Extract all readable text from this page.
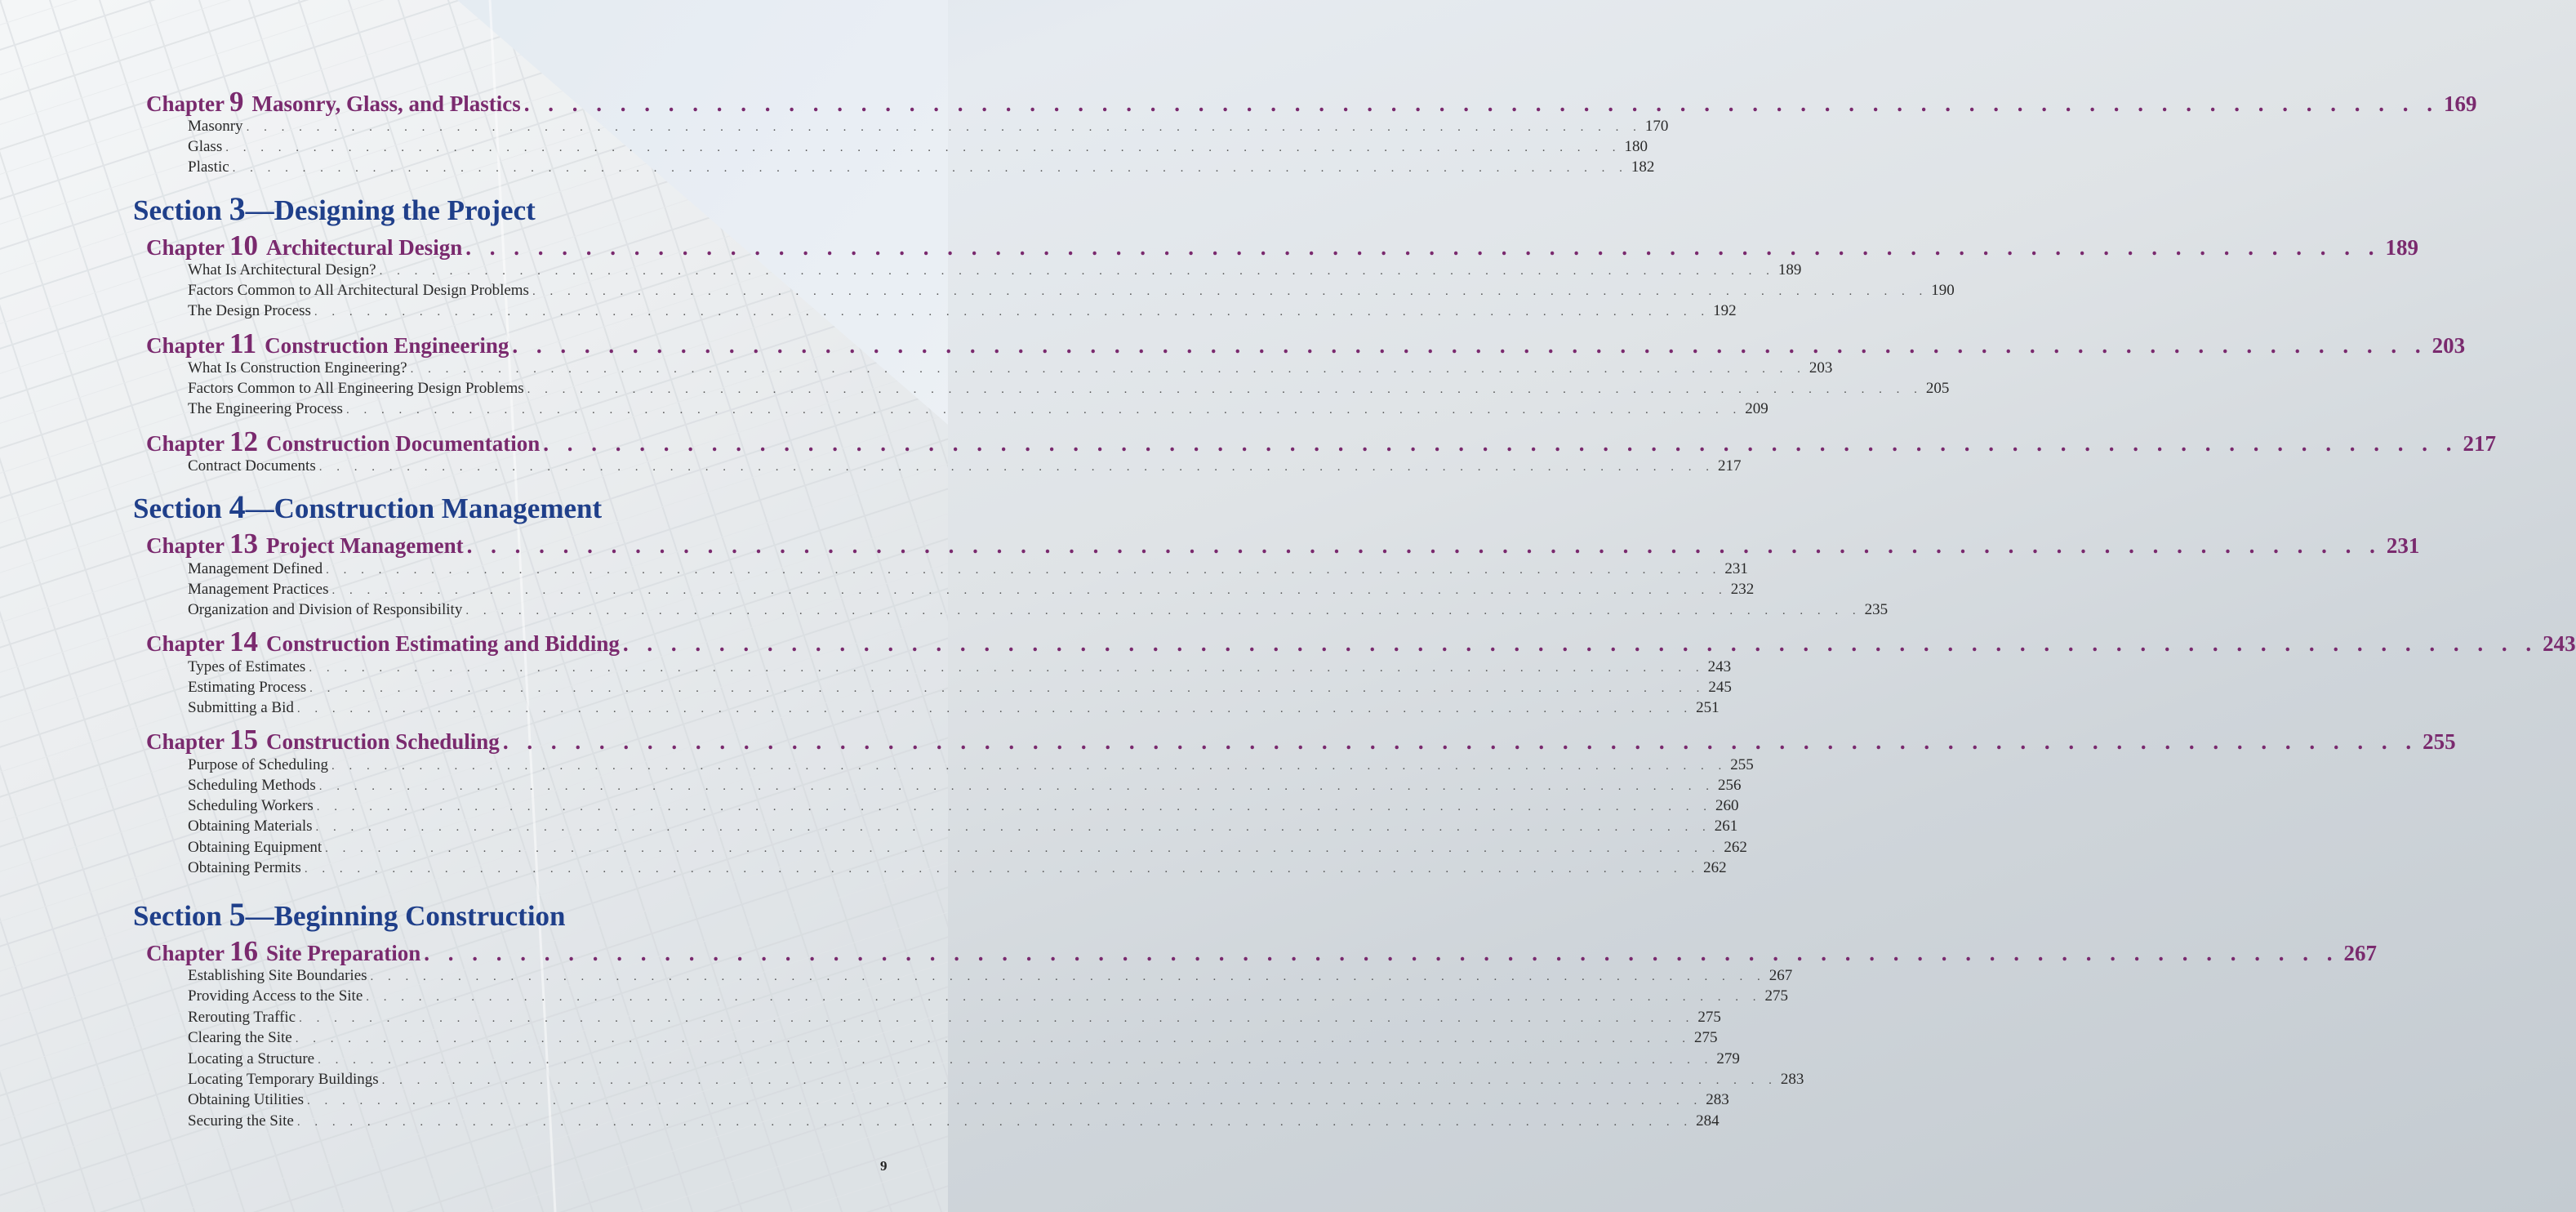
Chapter 9 Masonry, Glass, and Plastics . . . . . . . . . . . . . . . . . . . . . . . . . . . . . . . . . . . . . . . . . . . . . . . . . . . . . . . . . . . . . . . . . . . . . . . . . . . . . . . . 169
Masonry . . . . . . . . . . . . . . . . . . . . . . . . . . . . . . . . . . . . . . . . . . . . . . . . . . . . . . . . . . . . . . . . . . . . . . . . . . . . . . . . 170
Glass . . . . . . . . . . . . . . . . . . . . . . . . . . . . . . . . . . . . . . . . . . . . . . . . . . . . . . . . . . . . . . . . . . . . . . . . . . . . . . . . 180
Plastic . . . . . . . . . . . . . . . . . . . . . . . . . . . . . . . . . . . . . . . . . . . . . . . . . . . . . . . . . . . . . . . . . . . . . . . . . . . . . . . . 182
Section 3—Designing the Project
Chapter 10 Architectural Design . . . . . . . . . . . . . . . . . . . . . . . . . . . . . . . . . . . . . . . . . . . . . . . . . . . . . . . . . . . . . . . . . . . . . . . . . . . . . . . . 189
What Is Architectural Design? . . . . . . . . . . . . . . . . . . . . . . . . . . . . . . . . . . . . . . . . . . . . . . . . . . . . . . . . . . . . . . . . . . . . . . . . . . . . . . . . 189
Factors Common to All Architectural Design Problems . . . . . . . . . . . . . . . . . . . . . . . . . . . . . . . . . . . . . . . . . . . . . . . . . . . . . . . . . . . . . . . . . . . . . . . . . . . . . . . . 190
The Design Process . . . . . . . . . . . . . . . . . . . . . . . . . . . . . . . . . . . . . . . . . . . . . . . . . . . . . . . . . . . . . . . . . . . . . . . . . . . . . . . . 192
Chapter 11 Construction Engineering . . . . . . . . . . . . . . . . . . . . . . . . . . . . . . . . . . . . . . . . . . . . . . . . . . . . . . . . . . . . . . . . . . . . . . . . . . . . . . . . 203
What Is Construction Engineering? . . . . . . . . . . . . . . . . . . . . . . . . . . . . . . . . . . . . . . . . . . . . . . . . . . . . . . . . . . . . . . . . . . . . . . . . . . . . . . . . 203
Factors Common to All Engineering Design Problems . . . . . . . . . . . . . . . . . . . . . . . . . . . . . . . . . . . . . . . . . . . . . . . . . . . . . . . . . . . . . . . . . . . . . . . . . . . . . . . . 205
The Engineering Process . . . . . . . . . . . . . . . . . . . . . . . . . . . . . . . . . . . . . . . . . . . . . . . . . . . . . . . . . . . . . . . . . . . . . . . . . . . . . . . . 209
Chapter 12 Construction Documentation . . . . . . . . . . . . . . . . . . . . . . . . . . . . . . . . . . . . . . . . . . . . . . . . . . . . . . . . . . . . . . . . . . . . . . . . . . . . . . . . 217
Contract Documents . . . . . . . . . . . . . . . . . . . . . . . . . . . . . . . . . . . . . . . . . . . . . . . . . . . . . . . . . . . . . . . . . . . . . . . . . . . . . . . . 217
Section 4—Construction Management
Chapter 13 Project Management . . . . . . . . . . . . . . . . . . . . . . . . . . . . . . . . . . . . . . . . . . . . . . . . . . . . . . . . . . . . . . . . . . . . . . . . . . . . . . . . 231
Management Defined . . . . . . . . . . . . . . . . . . . . . . . . . . . . . . . . . . . . . . . . . . . . . . . . . . . . . . . . . . . . . . . . . . . . . . . . . . . . . . . . 231
Management Practices . . . . . . . . . . . . . . . . . . . . . . . . . . . . . . . . . . . . . . . . . . . . . . . . . . . . . . . . . . . . . . . . . . . . . . . . . . . . . . . . 232
Organization and Division of Responsibility . . . . . . . . . . . . . . . . . . . . . . . . . . . . . . . . . . . . . . . . . . . . . . . . . . . . . . . . . . . . . . . . . . . . . . . . . . . . . . . . 235
Chapter 14 Construction Estimating and Bidding . . . . . . . . . . . . . . . . . . . . . . . . . . . . . . . . . . . . . . . . . . . . . . . . . . . . . . . . . . . . . . . . . . . . . . . . . . . . . . . . 243
Types of Estimates . . . . . . . . . . . . . . . . . . . . . . . . . . . . . . . . . . . . . . . . . . . . . . . . . . . . . . . . . . . . . . . . . . . . . . . . . . . . . . . . 243
Estimating Process . . . . . . . . . . . . . . . . . . . . . . . . . . . . . . . . . . . . . . . . . . . . . . . . . . . . . . . . . . . . . . . . . . . . . . . . . . . . . . . . 245
Submitting a Bid . . . . . . . . . . . . . . . . . . . . . . . . . . . . . . . . . . . . . . . . . . . . . . . . . . . . . . . . . . . . . . . . . . . . . . . . . . . . . . . . 251
Chapter 15 Construction Scheduling . . . . . . . . . . . . . . . . . . . . . . . . . . . . . . . . . . . . . . . . . . . . . . . . . . . . . . . . . . . . . . . . . . . . . . . . . . . . . . . . 255
Purpose of Scheduling . . . . . . . . . . . . . . . . . . . . . . . . . . . . . . . . . . . . . . . . . . . . . . . . . . . . . . . . . . . . . . . . . . . . . . . . . . . . . . . . 255
Scheduling Methods . . . . . . . . . . . . . . . . . . . . . . . . . . . . . . . . . . . . . . . . . . . . . . . . . . . . . . . . . . . . . . . . . . . . . . . . . . . . . . . . 256
Scheduling Workers . . . . . . . . . . . . . . . . . . . . . . . . . . . . . . . . . . . . . . . . . . . . . . . . . . . . . . . . . . . . . . . . . . . . . . . . . . . . . . . . 260
Obtaining Materials . . . . . . . . . . . . . . . . . . . . . . . . . . . . . . . . . . . . . . . . . . . . . . . . . . . . . . . . . . . . . . . . . . . . . . . . . . . . . . . . 261
Obtaining Equipment . . . . . . . . . . . . . . . . . . . . . . . . . . . . . . . . . . . . . . . . . . . . . . . . . . . . . . . . . . . . . . . . . . . . . . . . . . . . . . . . 262
Obtaining Permits . . . . . . . . . . . . . . . . . . . . . . . . . . . . . . . . . . . . . . . . . . . . . . . . . . . . . . . . . . . . . . . . . . . . . . . . . . . . . . . . 262
Section 5—Beginning Construction
Chapter 16 Site Preparation . . . . . . . . . . . . . . . . . . . . . . . . . . . . . . . . . . . . . . . . . . . . . . . . . . . . . . . . . . . . . . . . . . . . . . . . . . . . . . . . 267
Establishing Site Boundaries . . . . . . . . . . . . . . . . . . . . . . . . . . . . . . . . . . . . . . . . . . . . . . . . . . . . . . . . . . . . . . . . . . . . . . . . . . . . . . . . 267
Providing Access to the Site . . . . . . . . . . . . . . . . . . . . . . . . . . . . . . . . . . . . . . . . . . . . . . . . . . . . . . . . . . . . . . . . . . . . . . . . . . . . . . . . 275
Rerouting Traffic . . . . . . . . . . . . . . . . . . . . . . . . . . . . . . . . . . . . . . . . . . . . . . . . . . . . . . . . . . . . . . . . . . . . . . . . . . . . . . . . 275
Clearing the Site . . . . . . . . . . . . . . . . . . . . . . . . . . . . . . . . . . . . . . . . . . . . . . . . . . . . . . . . . . . . . . . . . . . . . . . . . . . . . . . . 275
Locating a Structure . . . . . . . . . . . . . . . . . . . . . . . . . . . . . . . . . . . . . . . . . . . . . . . . . . . . . . . . . . . . . . . . . . . . . . . . . . . . . . . . 279
Locating Temporary Buildings . . . . . . . . . . . . . . . . . . . . . . . . . . . . . . . . . . . . . . . . . . . . . . . . . . . . . . . . . . . . . . . . . . . . . . . . . . . . . . . . 283
Obtaining Utilities . . . . . . . . . . . . . . . . . . . . . . . . . . . . . . . . . . . . . . . . . . . . . . . . . . . . . . . . . . . . . . . . . . . . . . . . . . . . . . . . 283
Securing the Site . . . . . . . . . . . . . . . . . . . . . . . . . . . . . . . . . . . . . . . . . . . . . . . . . . . . . . . . . . . . . . . . . . . . . . . . . . . . . . . . 284
9
